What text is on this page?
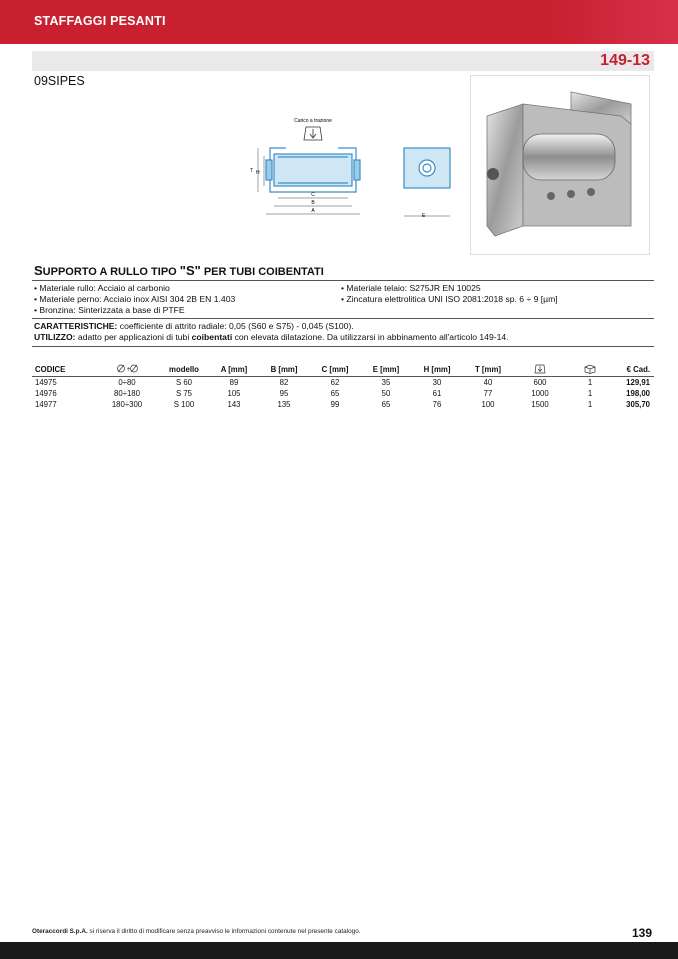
STAFFAGGI PESANTI
149-13
09SIPES
Carico a trazione
T H
C
B
A
E
SUPPORTO A RULLO TIPO "S" PER TUBI COIBENTATI
• Materiale rullo: Acciaio al carbonio
• Materiale perno: Acciaio inox AISI 304 2B EN 1.403
• Bronzina: Sinterizzata a base di PTFE
• Materiale telaio: S275JR EN 10025
• Zincatura elettrolitica UNI ISO 2081:2018 sp. 6 ÷ 9 [µm]
CARATTERISTICHE: coefficiente di attrito radiale: 0,05 (S60 e S75) - 0,045 (S100).
UTILIZZO: adatto per applicazioni di tubi coibentati con elevata dilatazione. Da utilizzarsi in abbinamento all'articolo 149-14.
CODICE	÷	modello	A [mm]	B [mm]	C [mm]	E [mm]	H [mm]	T [mm]			€ Cad.
14975	0÷80	S 60	89	82	62	35	30	40	600	1	129,91
14976	80÷180	S 75	105	95	65	50	61	77	1000	1	198,00
14977	180÷300	S 100	143	135	99	65	76	100	1500	1	305,70
Oteraccordi S.p.A. si riserva il diritto di modificare senza preavviso le informazioni contenute nel presente catalogo.	139
